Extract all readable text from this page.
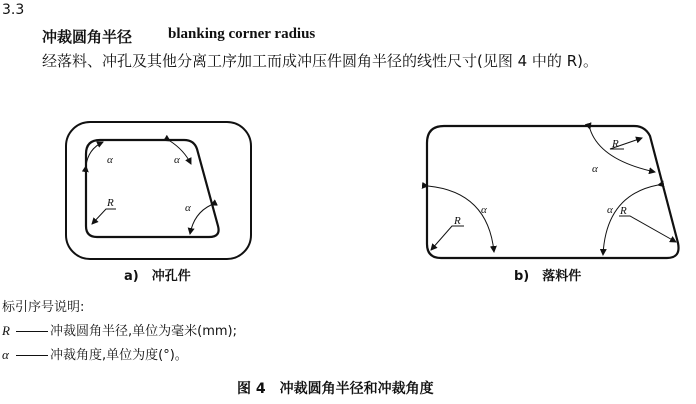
3.3
冲裁圆角半径 blanking corner radius
经落料、冲孔及其他分离工序加工而成冲压件圆角半径的线性尺寸(见图 4 中的 R)。
α	α
α
R
α
α
α
R
R
R
a)　冲孔件	b)　落料件
标引序号说明:
R	冲裁圆角半径,单位为毫米(mm);
α	冲裁角度,单位为度(°)。
图 4　冲裁圆角半径和冲裁角度
